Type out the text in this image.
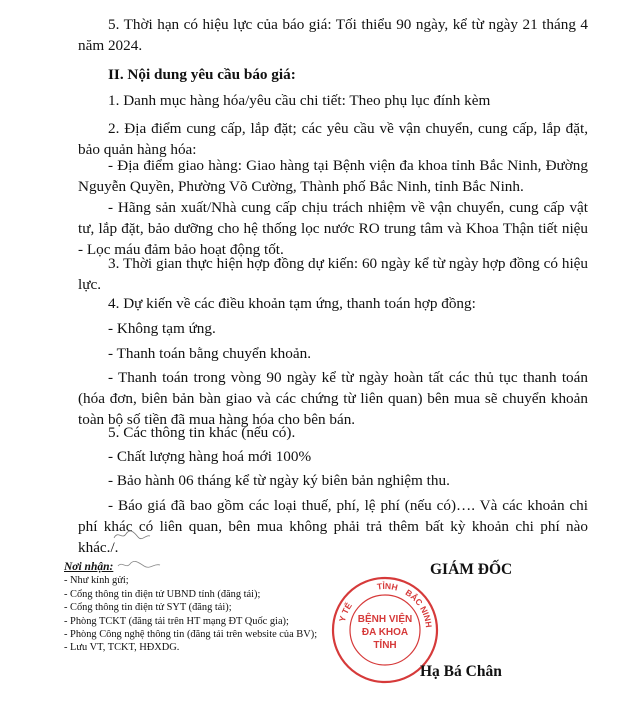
5. Thời hạn có hiệu lực của báo giá: Tối thiểu 90 ngày, kể từ ngày 21 tháng 4 năm 2024.
II. Nội dung yêu cầu báo giá:
1. Danh mục hàng hóa/yêu cầu chi tiết: Theo phụ lục đính kèm
2. Địa điểm cung cấp, lắp đặt; các yêu cầu về vận chuyển, cung cấp, lắp đặt, bảo quản hàng hóa:
- Địa điểm giao hàng: Giao hàng tại Bệnh viện đa khoa tỉnh Bắc Ninh, Đường Nguyễn Quyền, Phường Võ Cường, Thành phố Bắc Ninh, tỉnh Bắc Ninh.
- Hãng sản xuất/Nhà cung cấp chịu trách nhiệm về vận chuyển, cung cấp vật tư, lắp đặt, bảo dưỡng cho hệ thống lọc nước RO trung tâm và Khoa Thận tiết niệu - Lọc máu đảm bảo hoạt động tốt.
3. Thời gian thực hiện hợp đồng dự kiến: 60 ngày kể từ ngày hợp đồng có hiệu lực.
4. Dự kiến về các điều khoản tạm ứng, thanh toán hợp đồng:
- Không tạm ứng.
- Thanh toán bằng chuyển khoản.
- Thanh toán trong vòng 90 ngày kể từ ngày hoàn tất các thủ tục thanh toán (hóa đơn, biên bản bàn giao và các chứng từ liên quan) bên mua sẽ chuyển khoản toàn bộ số tiền đã mua hàng hóa cho bên bán.
5. Các thông tin khác (nếu có).
- Chất lượng hàng hoá mới 100%
- Bảo hành 06 tháng kể từ ngày ký biên bản nghiệm thu.
- Báo giá đã bao gồm các loại thuế, phí, lệ phí (nếu có)…. Và các khoản chi phí khác có liên quan, bên mua không phải trả thêm bất kỳ khoản chi phí nào khác./.
Nơi nhận:
- Như kính gửi;
- Cổng thông tin điện tử UBND tỉnh (đăng tải);
- Cổng thông tin điện tử SYT (đăng tải);
- Phòng TCKT (đăng tải trên HT mạng ĐT Quốc gia);
- Phòng Công nghệ thông tin (đăng tải trên website của BV);
- Lưu VT, TCKT, HĐXDG.
GIÁM ĐỐC
Y TẾ
TỈNH
BẮC NINH
BỆNH VIỆN
ĐA KHOA
TỈNH
Hạ Bá Chân
